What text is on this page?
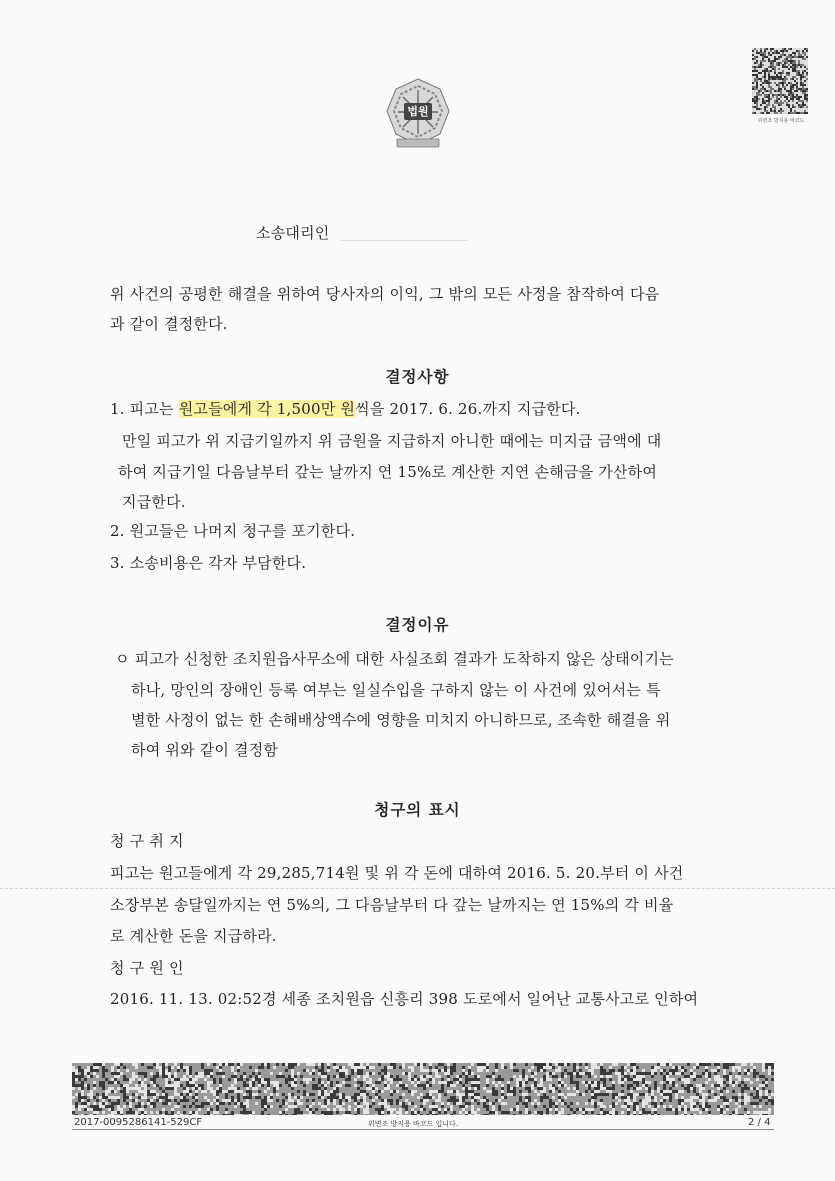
법원
위변조 방지용 바코드
소송대리인
위 사건의 공평한 해결을 위하여 당사자의 이익, 그 밖의 모든 사정을 참작하여 다음
과 같이 결정한다.
결정사항
1. 피고는 원고들에게 각 1,500만 원씩을 2017. 6. 26.까지 지급한다.
만일 피고가 위 지급기일까지 위 금원을 지급하지 아니한 때에는 미지급 금액에 대
하여 지급기일 다음날부터 갚는 날까지 연 15%로 계산한 지연 손해금을 가산하여
지급한다.
2. 원고들은 나머지 청구를 포기한다.
3. 소송비용은 각자 부담한다.
결정이유
ㅇ 피고가 신청한 조치원읍사무소에 대한 사실조회 결과가 도착하지 않은 상태이기는
하나, 망인의 장애인 등록 여부는 일실수입을 구하지 않는 이 사건에 있어서는 특
별한 사정이 없는 한 손해배상액수에 영향을 미치지 아니하므로, 조속한 해결을 위
하여 위와 같이 결정함
청구의 표시
청 구 취 지
피고는 원고들에게 각 29,285,714원 및 위 각 돈에 대하여 2016. 5. 20.부터 이 사건
소장부본 송달일까지는 연 5%의, 그 다음날부터 다 갚는 날까지는 연 15%의 각 비율
로 계산한 돈을 지급하라.
청 구 원 인
2016. 11. 13. 02:52경 세종 조치원읍 신흥리 398 도로에서 일어난 교통사고로 인하여
2017-0095286141-529CF	위변조 방지용 바코드 입니다.	2 / 4
